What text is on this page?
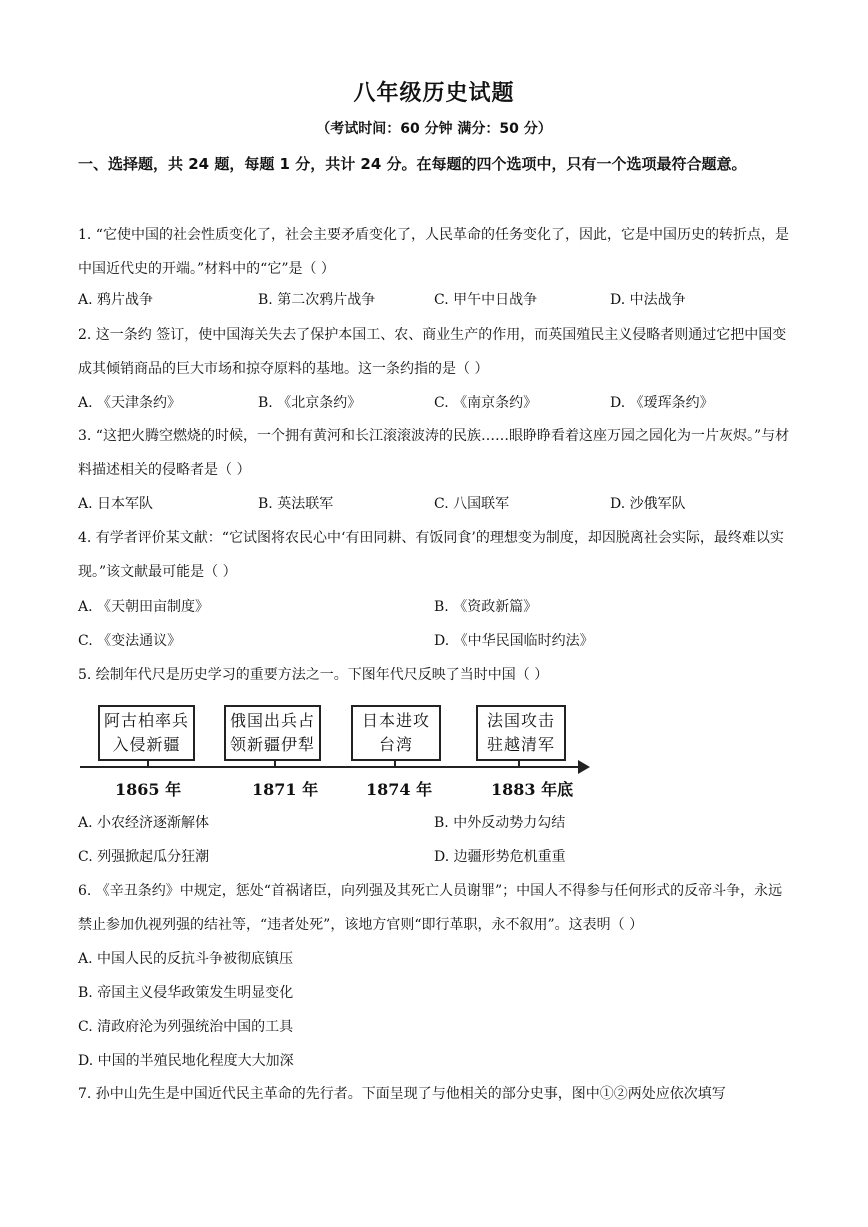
八年级历史试题
（考试时间：60 分钟 满分：50 分）
一、选择题，共 24 题，每题 1 分，共计 24 分。在每题的四个选项中，只有一个选项最符合题意。
1. “它使中国的社会性质变化了，社会主要矛盾变化了，人民革命的任务变化了，因此，它是中国历史的转折点，是中国近代史的开端。”材料中的“它”是（ ）
A. 鸦片战争	B. 第二次鸦片战争	C. 甲午中日战争	D. 中法战争
2. 这一条约 签订，使中国海关失去了保护本国工、农、商业生产的作用，而英国殖民主义侵略者则通过它把中国变成其倾销商品的巨大市场和掠夺原料的基地。这一条约指的是（ ）
A. 《天津条约》	B. 《北京条约》	C. 《南京条约》	D. 《瑷珲条约》
3. “这把火腾空燃烧的时候，一个拥有黄河和长江滚滚波涛的民族……眼睁睁看着这座万园之园化为一片灰烬。”与材料描述相关的侵略者是（ ）
A. 日本军队	B. 英法联军	C. 八国联军	D. 沙俄军队
4. 有学者评价某文献：“它试图将农民心中‘有田同耕、有饭同食’的理想变为制度，却因脱离社会实际，最终难以实现。”该文献最可能是（ ）
A. 《天朝田亩制度》	B. 《资政新篇》
C. 《变法通议》	D. 《中华民国临时约法》
5. 绘制年代尺是历史学习的重要方法之一。下图年代尺反映了当时中国（ ）
阿古柏率兵
入侵新疆
俄国出兵占
领新疆伊犁
日本进攻
台湾
法国攻击
驻越清军
1865 年	1871 年	1874 年	1883 年底
A. 小农经济逐渐解体	B. 中外反动势力勾结
C. 列强掀起瓜分狂潮	D. 边疆形势危机重重
6. 《辛丑条约》中规定，惩处“首祸诸臣，向列强及其死亡人员谢罪”；中国人不得参与任何形式的反帝斗争，永远禁止参加仇视列强的结社等，“违者处死”，该地方官则“即行革职，永不叙用”。这表明（ ）
A. 中国人民的反抗斗争被彻底镇压
B. 帝国主义侵华政策发生明显变化
C. 清政府沦为列强统治中国的工具
D. 中国的半殖民地化程度大大加深
7. 孙中山先生是中国近代民主革命的先行者。下面呈现了与他相关的部分史事，图中①②两处应依次填写
